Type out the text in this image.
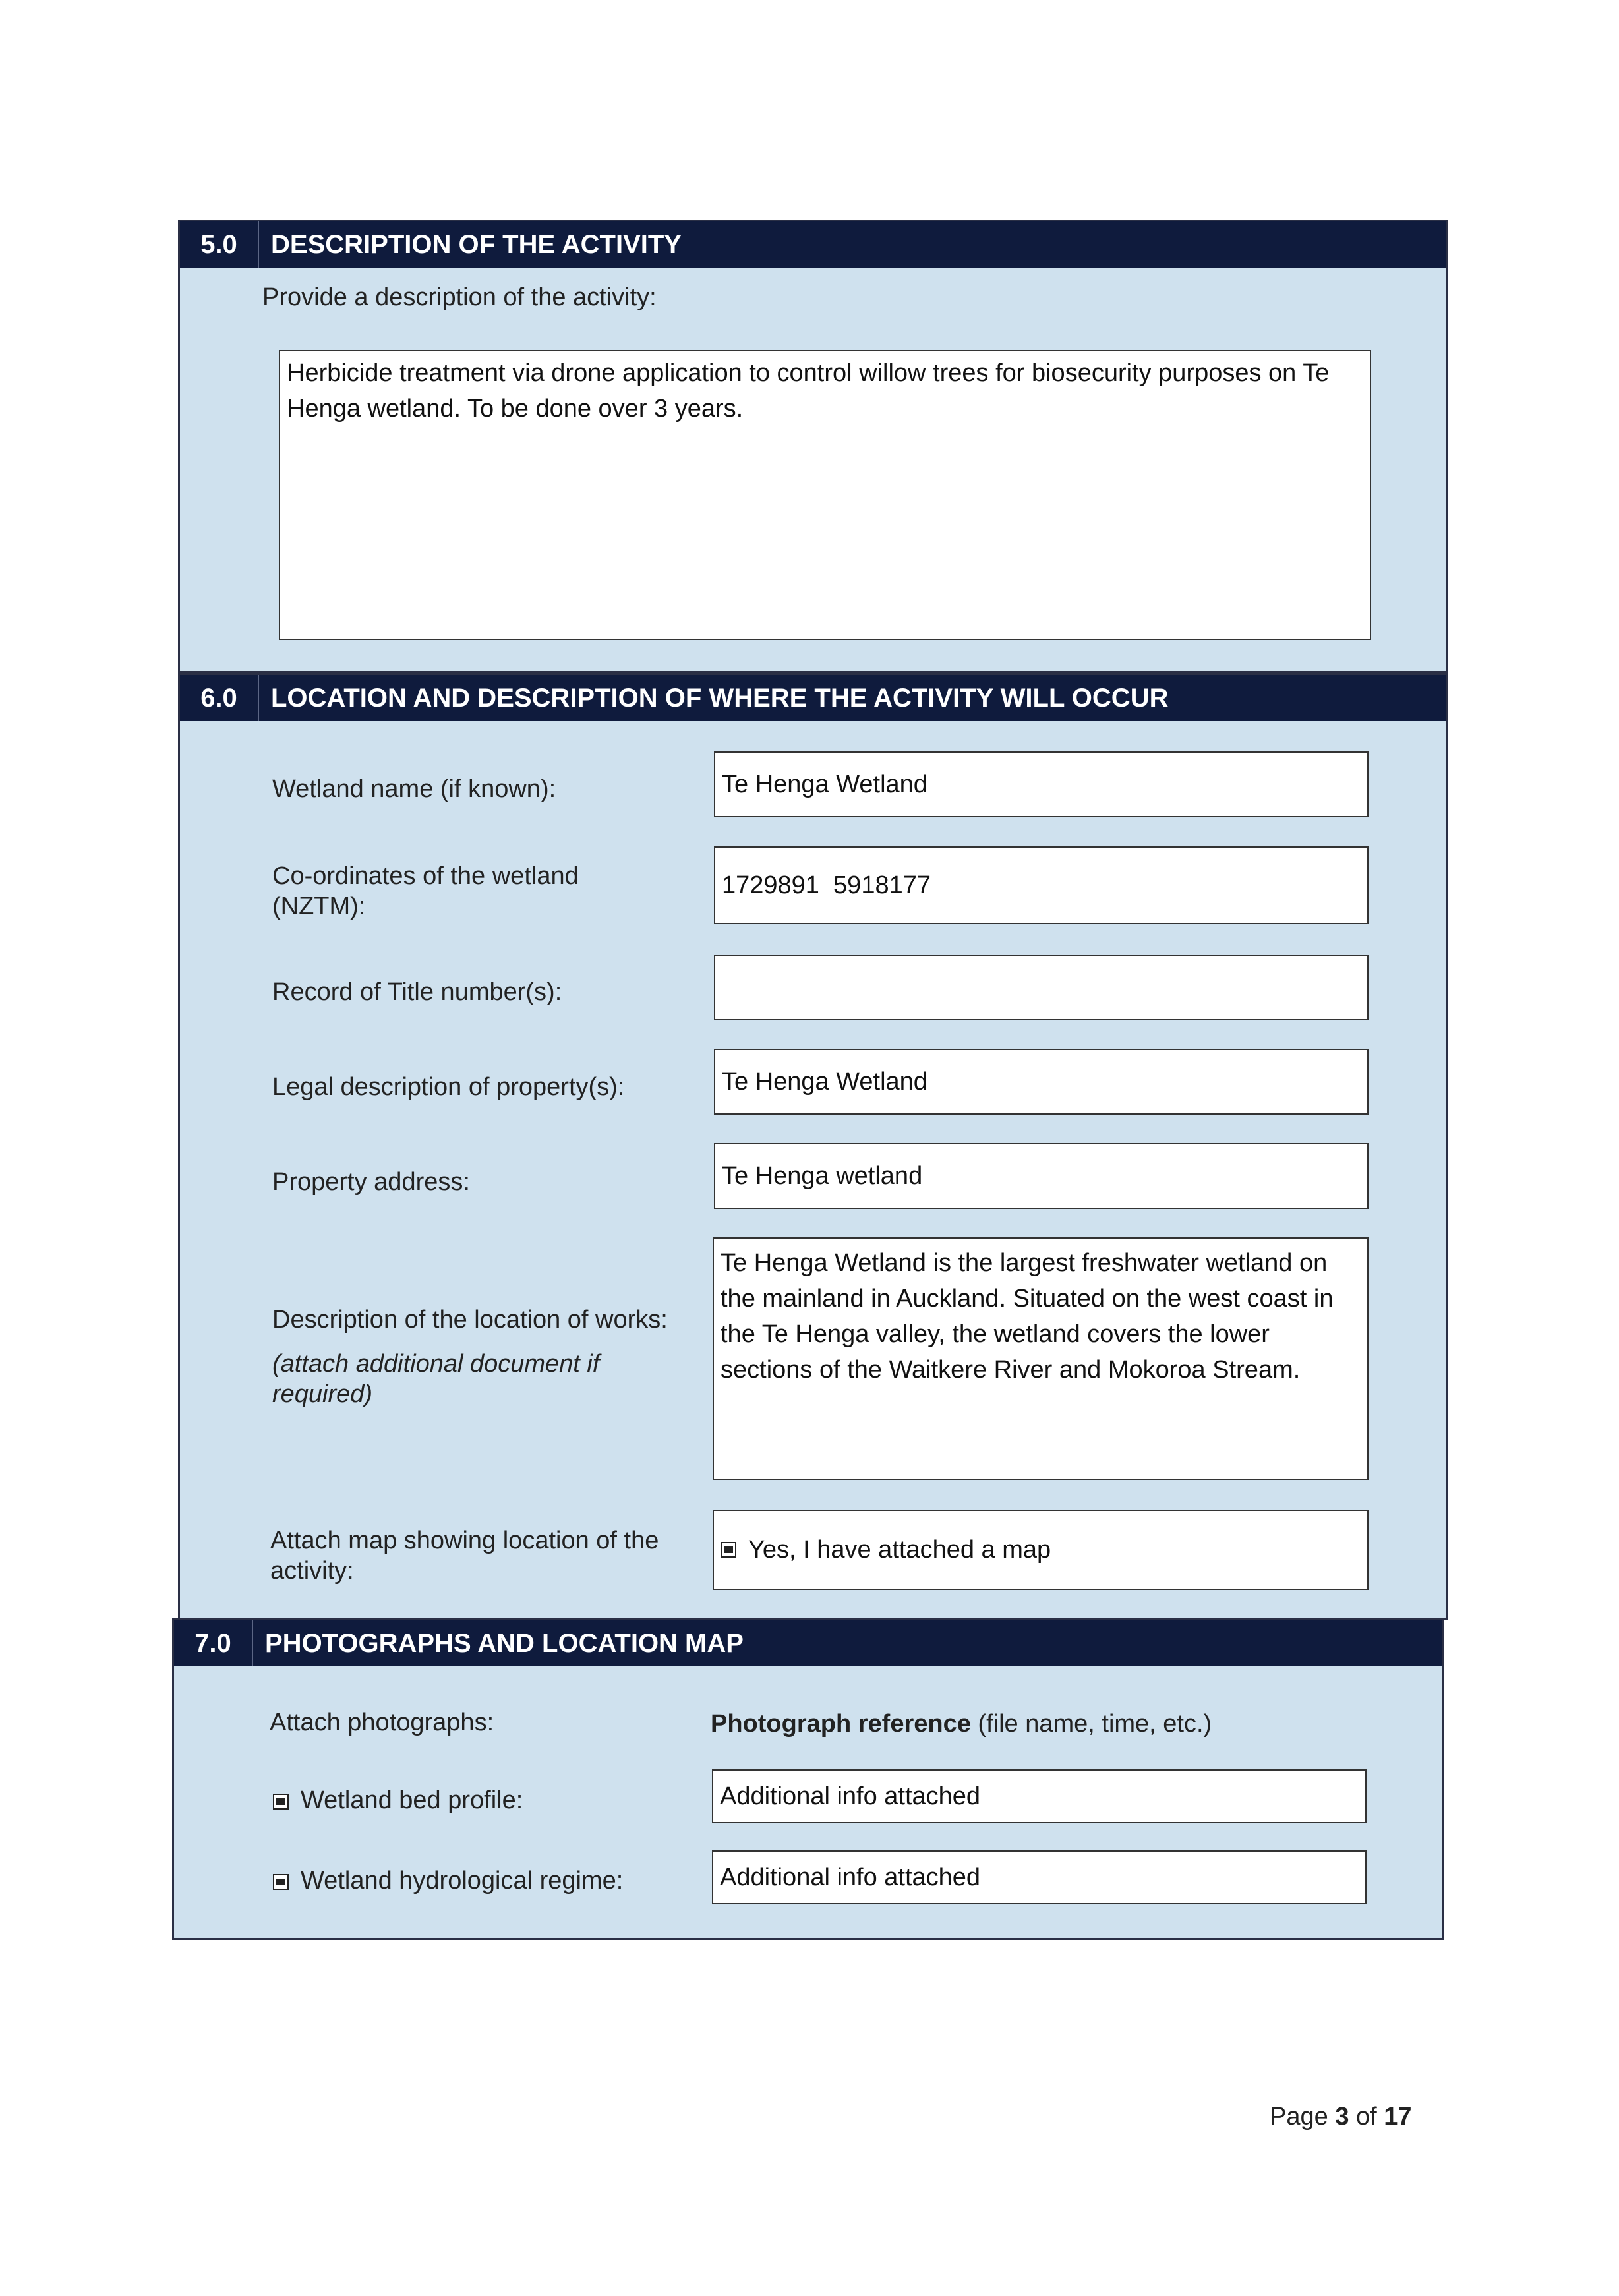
5.0	DESCRIPTION OF THE ACTIVITY
Provide a description of the activity:
Herbicide treatment via drone application to control willow trees for biosecurity purposes on Te Henga wetland. To be done over 3 years.
6.0	LOCATION AND DESCRIPTION OF WHERE THE ACTIVITY WILL OCCUR
Wetland name (if known):	Te Henga Wetland
Co-ordinates of the wetland
(NZTM):
1729891  5918177
Record of Title number(s):
Legal description of property(s):	Te Henga Wetland
Property address:	Te Henga wetland
Description of the location of works:
(attach additional document if required)
Te Henga Wetland is the largest freshwater wetland on the mainland in Auckland. Situated on the west coast in the Te Henga valley, the wetland covers the lower sections of the Waitkere River and Mokoroa Stream.
Attach map showing location of the activity:
Yes, I have attached a map
7.0	PHOTOGRAPHS AND LOCATION MAP
Attach photographs:	Photograph reference (file name, time, etc.)
Wetland bed profile:	Additional info attached
Wetland hydrological regime:	Additional info attached
Page 3 of 17
